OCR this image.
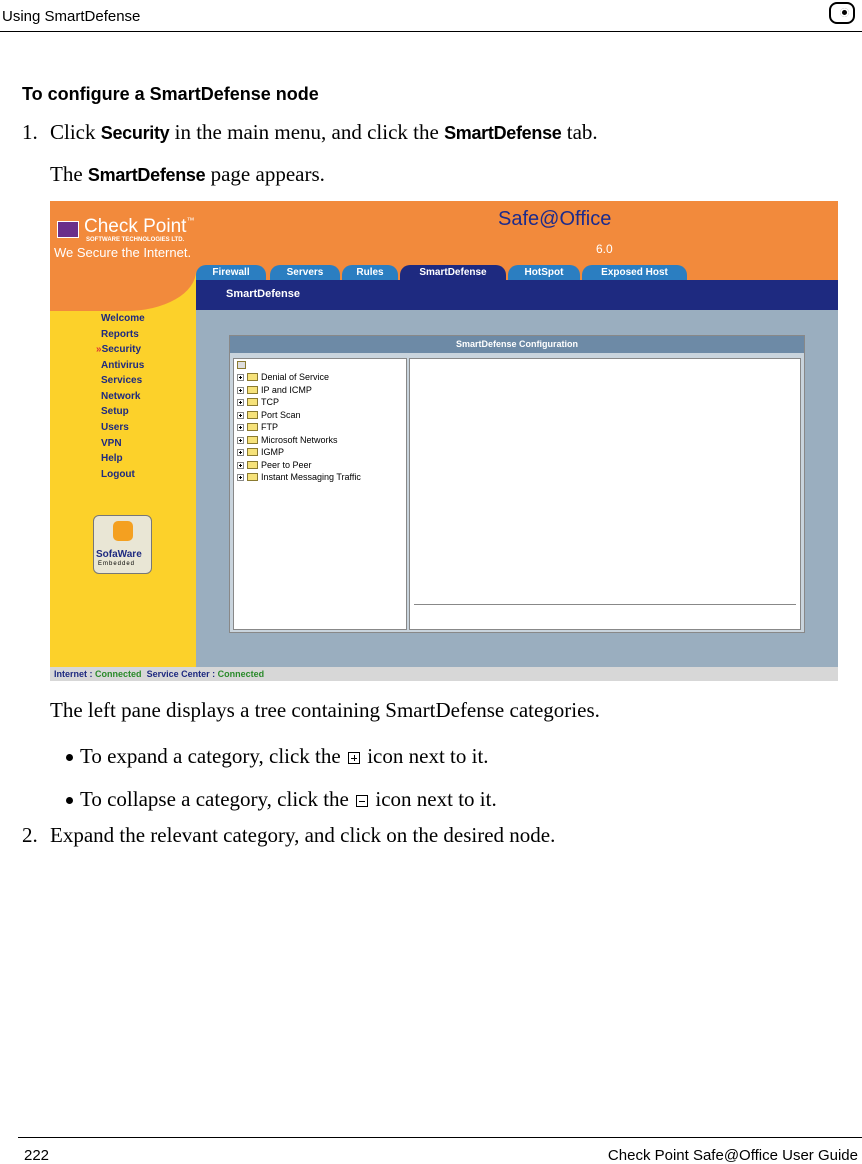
Using SmartDefense
To configure a SmartDefense node
1. Click Security in the main menu, and click the SmartDefense tab.
The SmartDefense page appears.
Check Point™
SOFTWARE TECHNOLOGIES LTD.
We Secure the Internet.
Safe@Office
6.0
Firewall	Servers	Rules	SmartDefense	HotSpot	Exposed Host
SmartDefense
Welcome
Reports
» Security
Antivirus
Services
Network
Setup
Users
VPN
Help
Logout
SofaWare
Embedded
SmartDefense Configuration
Denial of Service
IP and ICMP
TCP
Port Scan
FTP
Microsoft Networks
IGMP
Peer to Peer
Instant Messaging Traffic
Internet : Connected Service Center : Connected
The left pane displays a tree containing SmartDefense categories.
To expand a category, click the  icon next to it.
To collapse a category, click the  icon next to it.
2. Expand the relevant category, and click on the desired node.
222	Check Point Safe@Office User Guide
